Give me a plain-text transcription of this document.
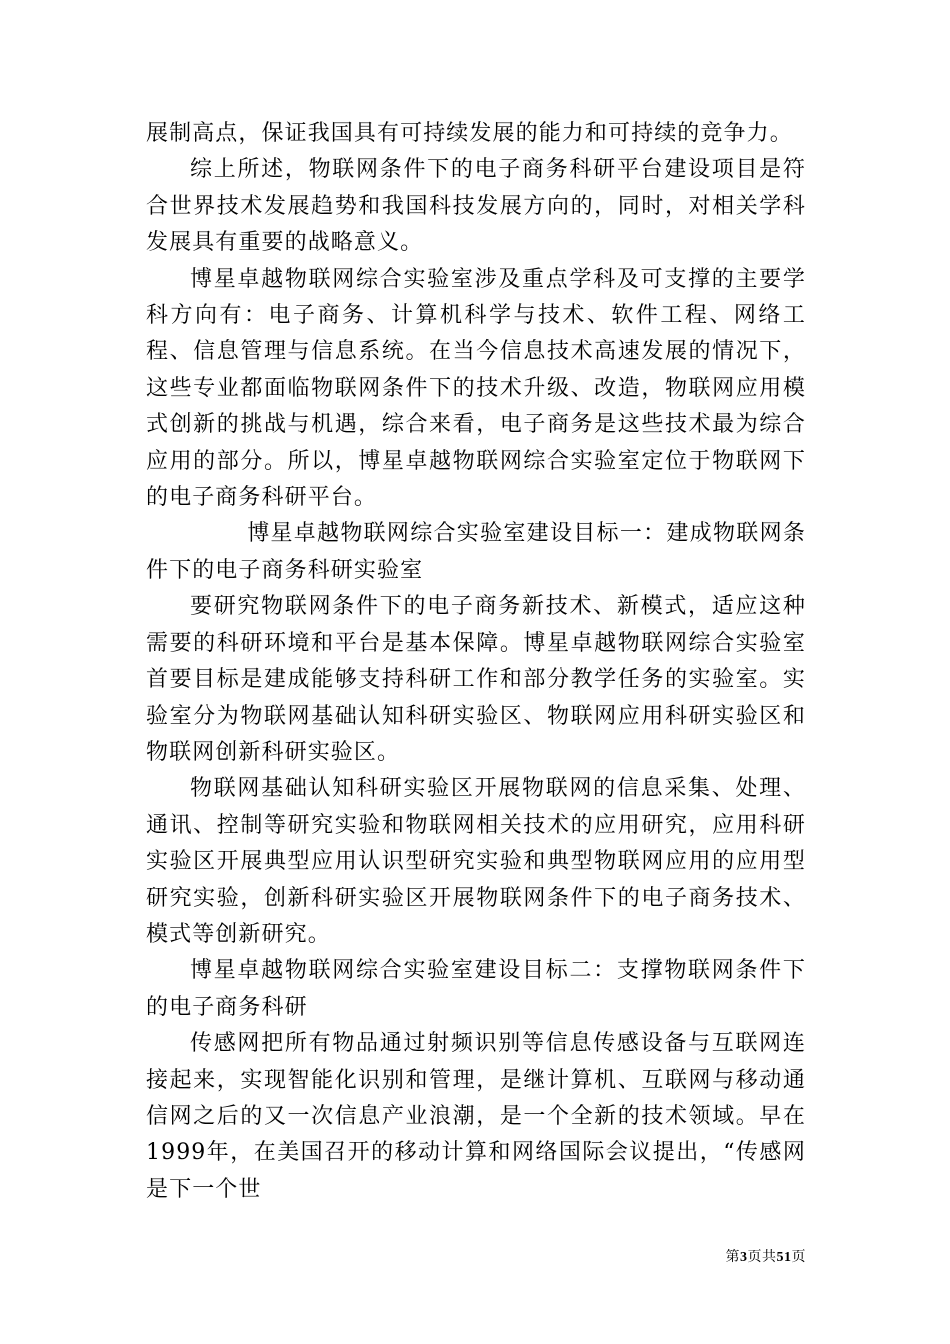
展制高点，保证我国具有可持续发展的能力和可持续的竞争力。

综上所述，物联网条件下的电子商务科研平台建设项目是符合世界技术发展趋势和我国科技发展方向的，同时，对相关学科发展具有重要的战略意义。

博星卓越物联网综合实验室涉及重点学科及可支撑的主要学科方向有：电子商务、计算机科学与技术、软件工程、网络工程、信息管理与信息系统。在当今信息技术高速发展的情况下，这些专业都面临物联网条件下的技术升级、改造，物联网应用模式创新的挑战与机遇，综合来看，电子商务是这些技术最为综合应用的部分。所以，博星卓越物联网综合实验室定位于物联网下的电子商务科研平台。

博星卓越物联网综合实验室建设目标一：建成物联网条件下的电子商务科研实验室

要研究物联网条件下的电子商务新技术、新模式，适应这种需要的科研环境和平台是基本保障。博星卓越物联网综合实验室首要目标是建成能够支持科研工作和部分教学任务的实验室。实验室分为物联网基础认知科研实验区、物联网应用科研实验区和物联网创新科研实验区。

物联网基础认知科研实验区开展物联网的信息采集、处理、通讯、控制等研究实验和物联网相关技术的应用研究，应用科研实验区开展典型应用认识型研究实验和典型物联网应用的应用型研究实验，创新科研实验区开展物联网条件下的电子商务技术、模式等创新研究。

博星卓越物联网综合实验室建设目标二：支撑物联网条件下的电子商务科研

传感网把所有物品通过射频识别等信息传感设备与互联网连接起来，实现智能化识别和管理，是继计算机、互联网与移动通信网之后的又一次信息产业浪潮，是一个全新的技术领域。早在1999年，在美国召开的移动计算和网络国际会议提出，“传感网是下一个世

第3页共51页
